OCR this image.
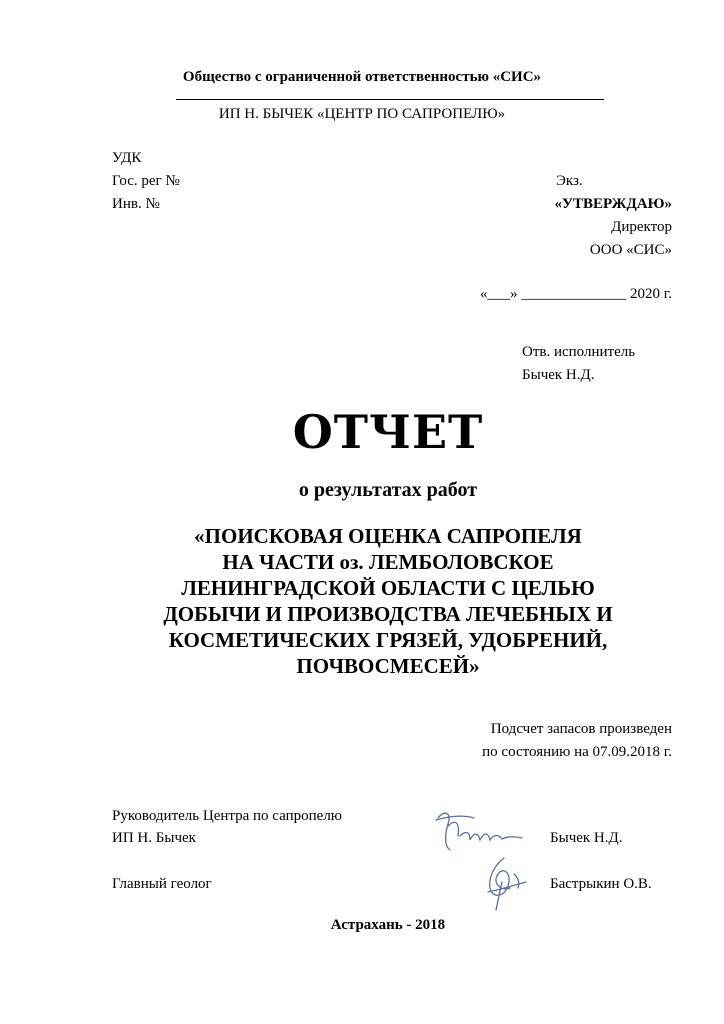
Общество с ограниченной ответственностью «СИС»
ИП Н. БЫЧЕК «ЦЕНТР ПО САПРОПЕЛЮ»
УДК
Гос. рег №
Инв. №
Экз.
«УТВЕРЖДАЮ»
Директор
ООО «СИС»
«___» ______________ 2020 г.
Отв. исполнитель
Бычек Н.Д.
ОТЧЕТ
о результатах работ
«ПОИСКОВАЯ ОЦЕНКА САПРОПЕЛЯ
НА ЧАСТИ оз. ЛЕМБОЛОВСКОЕ
ЛЕНИНГРАДСКОЙ ОБЛАСТИ С ЦЕЛЬЮ
ДОБЫЧИ И ПРОИЗВОДСТВА ЛЕЧЕБНЫХ И
КОСМЕТИЧЕСКИХ ГРЯЗЕЙ, УДОБРЕНИЙ,
ПОЧВОСМЕСЕЙ»
Подсчет запасов произведен
по состоянию на 07.09.2018 г.
Руководитель Центра по сапропелю
ИП Н. Бычек	Бычек Н.Д.
Главный геолог	Бастрыкин О.В.
Астрахань - 2018
